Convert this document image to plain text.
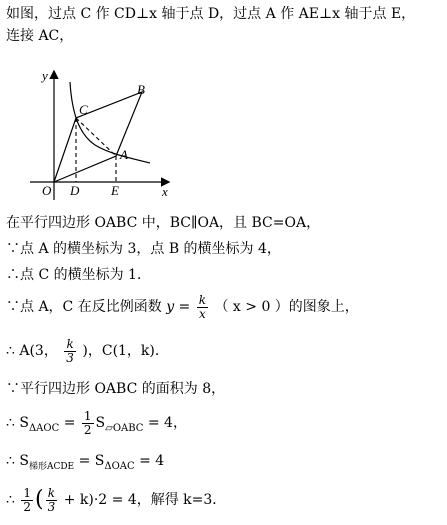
如图，过点 C 作 CD⊥x 轴于点 D，过点 A 作 AE⊥x 轴于点 E，
连接 AC，
y
x
O D E
A
B
C
在平行四边形 OABC 中，BC∥OA，且 BC=OA，
∵点 A 的横坐标为 3，点 B 的横坐标为 4，
∴点 C 的横坐标为 1．
∵点 A，C 在反比例函数 $y = \frac{k}{x}$ （ x > 0 ）的图象上，
∴ A(3， $\frac{k}{3}$ )，C(1，k)．
∵平行四边形 OABC 的面积为 8，
∴ $S_{\Delta AOC} = \frac{1}{2} S_{▱OABC} = 4$，
∴ $S_{梯形ACDE} = S_{\Delta OAC} = 4$
∴ $\frac{1}{2}$ ( $\frac{k}{3} + k)\cdot 2 = 4$，解得 k=3．
